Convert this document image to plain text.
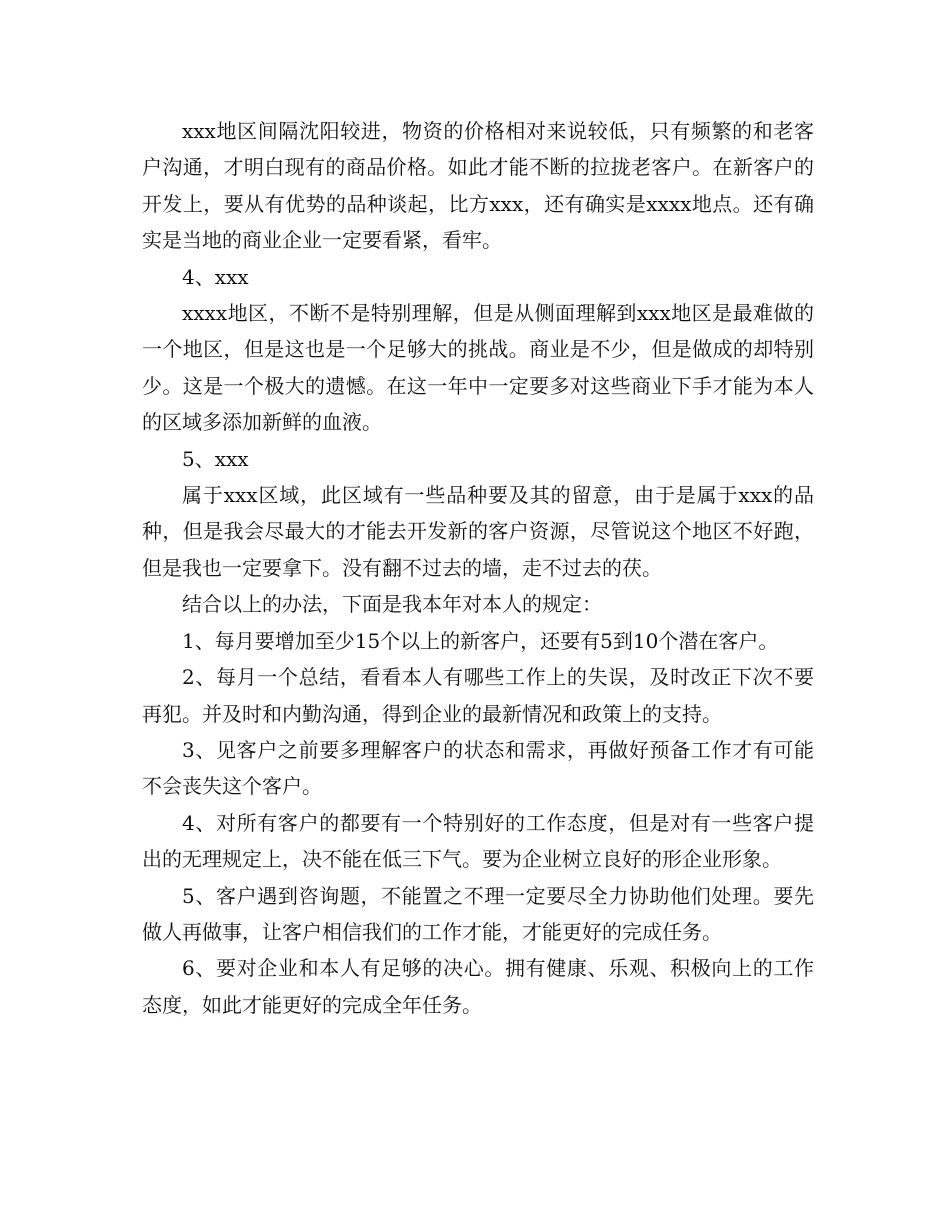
xxx地区间隔沈阳较进，物资的价格相对来说较低，只有频繁的和老客户沟通，才明白现有的商品价格。如此才能不断的拉拢老客户。在新客户的开发上，要从有优势的品种谈起，比方xxx，还有确实是xxxx地点。还有确实是当地的商业企业一定要看紧，看牢。

4、xxx

xxxx地区，不断不是特别理解，但是从侧面理解到xxx地区是最难做的一个地区，但是这也是一个足够大的挑战。商业是不少，但是做成的却特别少。这是一个极大的遗憾。在这一年中一定要多对这些商业下手才能为本人的区域多添加新鲜的血液。

5、xxx

属于xxx区域，此区域有一些品种要及其的留意，由于是属于xxx的品种，但是我会尽最大的才能去开发新的客户资源，尽管说这个地区不好跑，但是我也一定要拿下。没有翻不过去的墙，走不过去的茯。

结合以上的办法，下面是我本年对本人的规定：

1、每月要增加至少15个以上的新客户，还要有5到10个潜在客户。

2、每月一个总结，看看本人有哪些工作上的失误，及时改正下次不要再犯。并及时和内勤沟通，得到企业的最新情况和政策上的支持。

3、见客户之前要多理解客户的状态和需求，再做好预备工作才有可能不会丧失这个客户。

4、对所有客户的都要有一个特别好的工作态度，但是对有一些客户提出的无理规定上，决不能在低三下气。要为企业树立良好的形企业形象。

5、客户遇到咨询题，不能置之不理一定要尽全力协助他们处理。要先做人再做事，让客户相信我们的工作才能，才能更好的完成任务。

6、要对企业和本人有足够的决心。拥有健康、乐观、积极向上的工作态度，如此才能更好的完成全年任务。
